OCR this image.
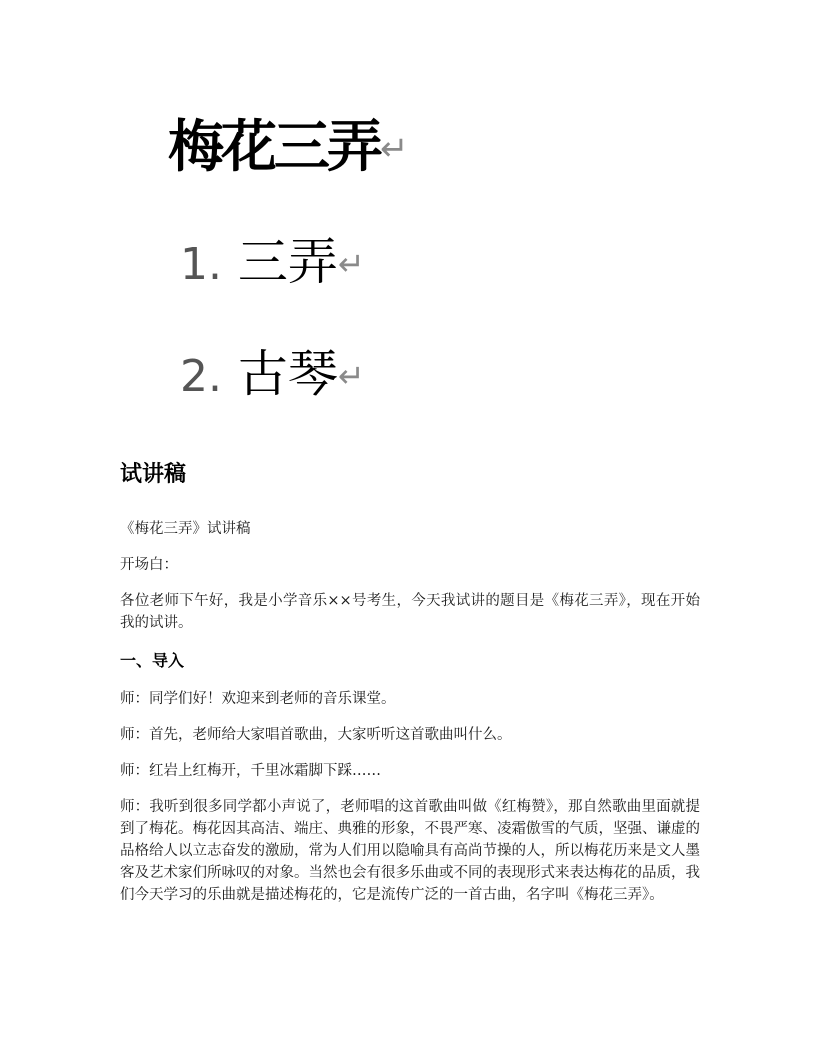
梅花三弄↵
1. 三弄↵
2. 古琴↵
试讲稿

《梅花三弄》试讲稿

开场白：

各位老师下午好，我是小学音乐××号考生，今天我试讲的题目是《梅花三弄》，现在开始我的试讲。

一、导入

师：同学们好！欢迎来到老师的音乐课堂。

师：首先，老师给大家唱首歌曲，大家听听这首歌曲叫什么。

师：红岩上红梅开，千里冰霜脚下踩……

师：我听到很多同学都小声说了，老师唱的这首歌曲叫做《红梅赞》，那自然歌曲里面就提到了梅花。梅花因其高洁、端庄、典雅的形象，不畏严寒、凌霜傲雪的气质，坚强、谦虚的品格给人以立志奋发的激励，常为人们用以隐喻具有高尚节操的人，所以梅花历来是文人墨客及艺术家们所咏叹的对象。当然也会有很多乐曲或不同的表现形式来表达梅花的品质，我们今天学习的乐曲就是描述梅花的，它是流传广泛的一首古曲，名字叫《梅花三弄》。
